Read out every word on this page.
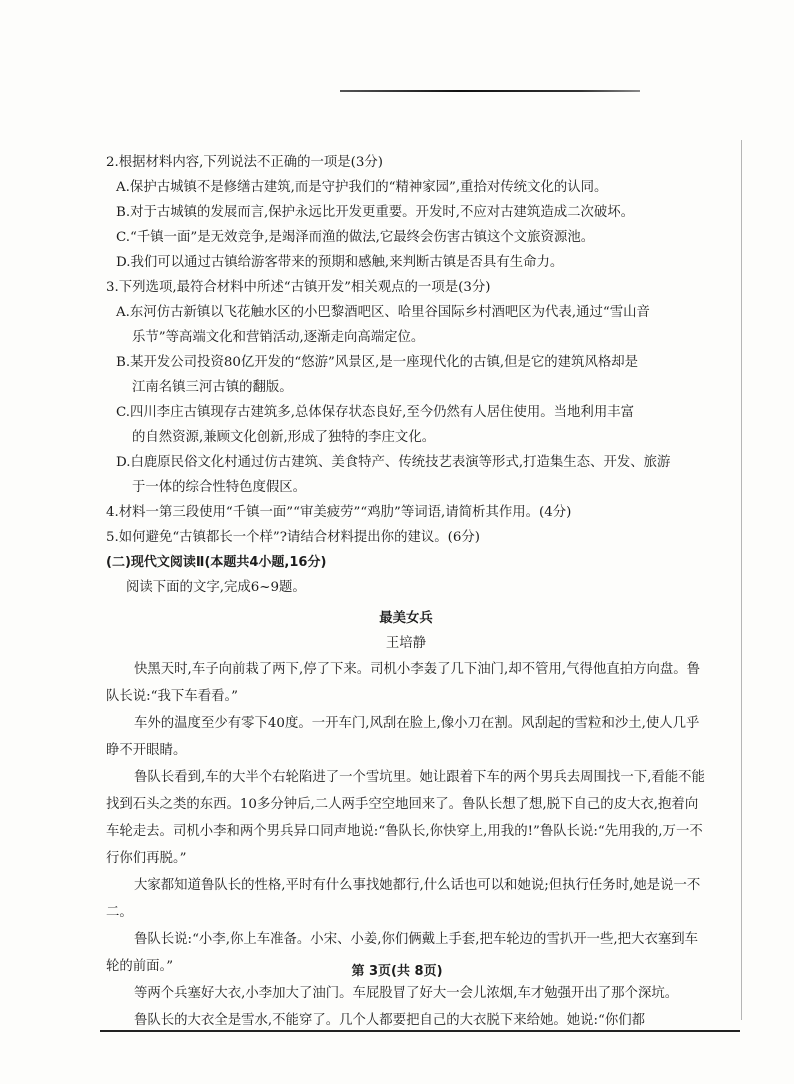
2.根据材料内容,下列说法不正确的一项是(3分)
A.保护古城镇不是修缮古建筑,而是守护我们的“精神家园”,重拾对传统文化的认同。
B.对于古城镇的发展而言,保护永远比开发更重要。开发时,不应对古建筑造成二次破坏。
C.“千镇一面”是无效竞争,是竭泽而渔的做法,它最终会伤害古镇这个文旅资源池。
D.我们可以通过古镇给游客带来的预期和感触,来判断古镇是否具有生命力。
3.下列选项,最符合材料中所述“古镇开发”相关观点的一项是(3分)
A.东河仿古新镇以飞花触水区的小巴黎酒吧区、哈里谷国际乡村酒吧区为代表,通过“雪山音
乐节”等高端文化和营销活动,逐渐走向高端定位。
B.某开发公司投资80亿开发的“悠游”风景区,是一座现代化的古镇,但是它的建筑风格却是
江南名镇三河古镇的翻版。
C.四川李庄古镇现存古建筑多,总体保存状态良好,至今仍然有人居住使用。当地利用丰富
的自然资源,兼顾文化创新,形成了独特的李庄文化。
D.白鹿原民俗文化村通过仿古建筑、美食特产、传统技艺表演等形式,打造集生态、开发、旅游
于一体的综合性特色度假区。
4.材料一第三段使用“千镇一面”“审美疲劳”“鸡肋”等词语,请简析其作用。(4分)
5.如何避免“古镇都长一个样”?请结合材料提出你的建议。(6分)
(二)现代文阅读Ⅱ(本题共4小题,16分)
阅读下面的文字,完成6~9题。
最美女兵
王培静
快黑天时,车子向前栽了两下,停了下来。司机小李轰了几下油门,却不管用,气得他直拍方向盘。鲁队长说:“我下车看看。”
车外的温度至少有零下40度。一开车门,风刮在脸上,像小刀在割。风刮起的雪粒和沙土,使人几乎睁不开眼睛。
鲁队长看到,车的大半个右轮陷进了一个雪坑里。她让跟着下车的两个男兵去周围找一下,看能不能找到石头之类的东西。10多分钟后,二人两手空空地回来了。鲁队长想了想,脱下自己的皮大衣,抱着向车轮走去。司机小李和两个男兵异口同声地说:“鲁队长,你快穿上,用我的!”鲁队长说:“先用我的,万一不行你们再脱。”
大家都知道鲁队长的性格,平时有什么事找她都行,什么话也可以和她说;但执行任务时,她是说一不二。
鲁队长说:“小李,你上车准备。小宋、小姜,你们俩戴上手套,把车轮边的雪扒开一些,把大衣塞到车轮的前面。”
等两个兵塞好大衣,小李加大了油门。车屁股冒了好大一会儿浓烟,车才勉强开出了那个深坑。
鲁队长的大衣全是雪水,不能穿了。几个人都要把自己的大衣脱下来给她。她说:“你们都
第 3页(共 8页)
